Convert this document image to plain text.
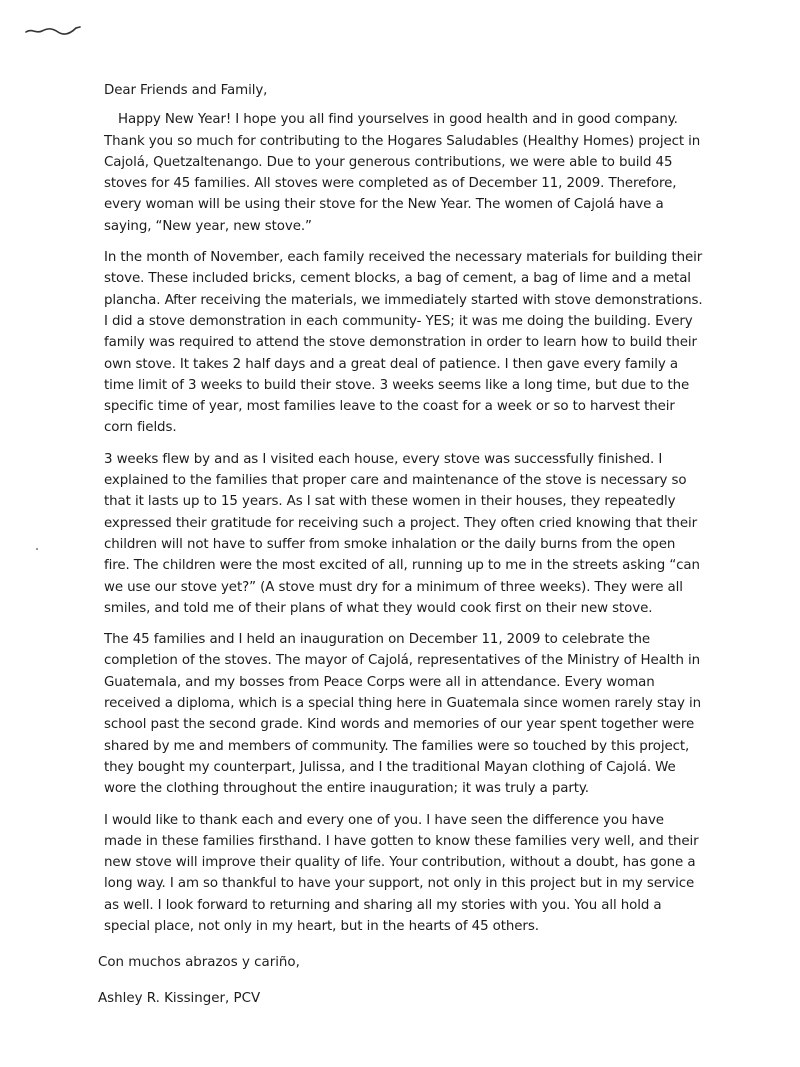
Dear Friends and Family,

Happy New Year! I hope you all find yourselves in good health and in good company. Thank you so much for contributing to the Hogares Saludables (Healthy Homes) project in Cajolá, Quetzaltenango. Due to your generous contributions, we were able to build 45 stoves for 45 families. All stoves were completed as of December 11, 2009. Therefore, every woman will be using their stove for the New Year. The women of Cajolá have a saying, “New year, new stove.”

In the month of November, each family received the necessary materials for building their stove. These included bricks, cement blocks, a bag of cement, a bag of lime and a metal plancha. After receiving the materials, we immediately started with stove demonstrations. I did a stove demonstration in each community- YES; it was me doing the building. Every family was required to attend the stove demonstration in order to learn how to build their own stove. It takes 2 half days and a great deal of patience. I then gave every family a time limit of 3 weeks to build their stove. 3 weeks seems like a long time, but due to the specific time of year, most families leave to the coast for a week or so to harvest their corn fields.

3 weeks flew by and as I visited each house, every stove was successfully finished. I explained to the families that proper care and maintenance of the stove is necessary so that it lasts up to 15 years. As I sat with these women in their houses, they repeatedly expressed their gratitude for receiving such a project. They often cried knowing that their children will not have to suffer from smoke inhalation or the daily burns from the open fire. The children were the most excited of all, running up to me in the streets asking “can we use our stove yet?” (A stove must dry for a minimum of three weeks). They were all smiles, and told me of their plans of what they would cook first on their new stove.

The 45 families and I held an inauguration on December 11, 2009 to celebrate the completion of the stoves. The mayor of Cajolá, representatives of the Ministry of Health in Guatemala, and my bosses from Peace Corps were all in attendance. Every woman received a diploma, which is a special thing here in Guatemala since women rarely stay in school past the second grade. Kind words and memories of our year spent together were shared by me and members of community. The families were so touched by this project, they bought my counterpart, Julissa, and I the traditional Mayan clothing of Cajolá. We wore the clothing throughout the entire inauguration; it was truly a party.

I would like to thank each and every one of you. I have seen the difference you have made in these families firsthand. I have gotten to know these families very well, and their new stove will improve their quality of life. Your contribution, without a doubt, has gone a long way. I am so thankful to have your support, not only in this project but in my service as well. I look forward to returning and sharing all my stories with you. You all hold a special place, not only in my heart, but in the hearts of 45 others.

Con muchos abrazos y cariño,
Ashley R. Kissinger, PCV
